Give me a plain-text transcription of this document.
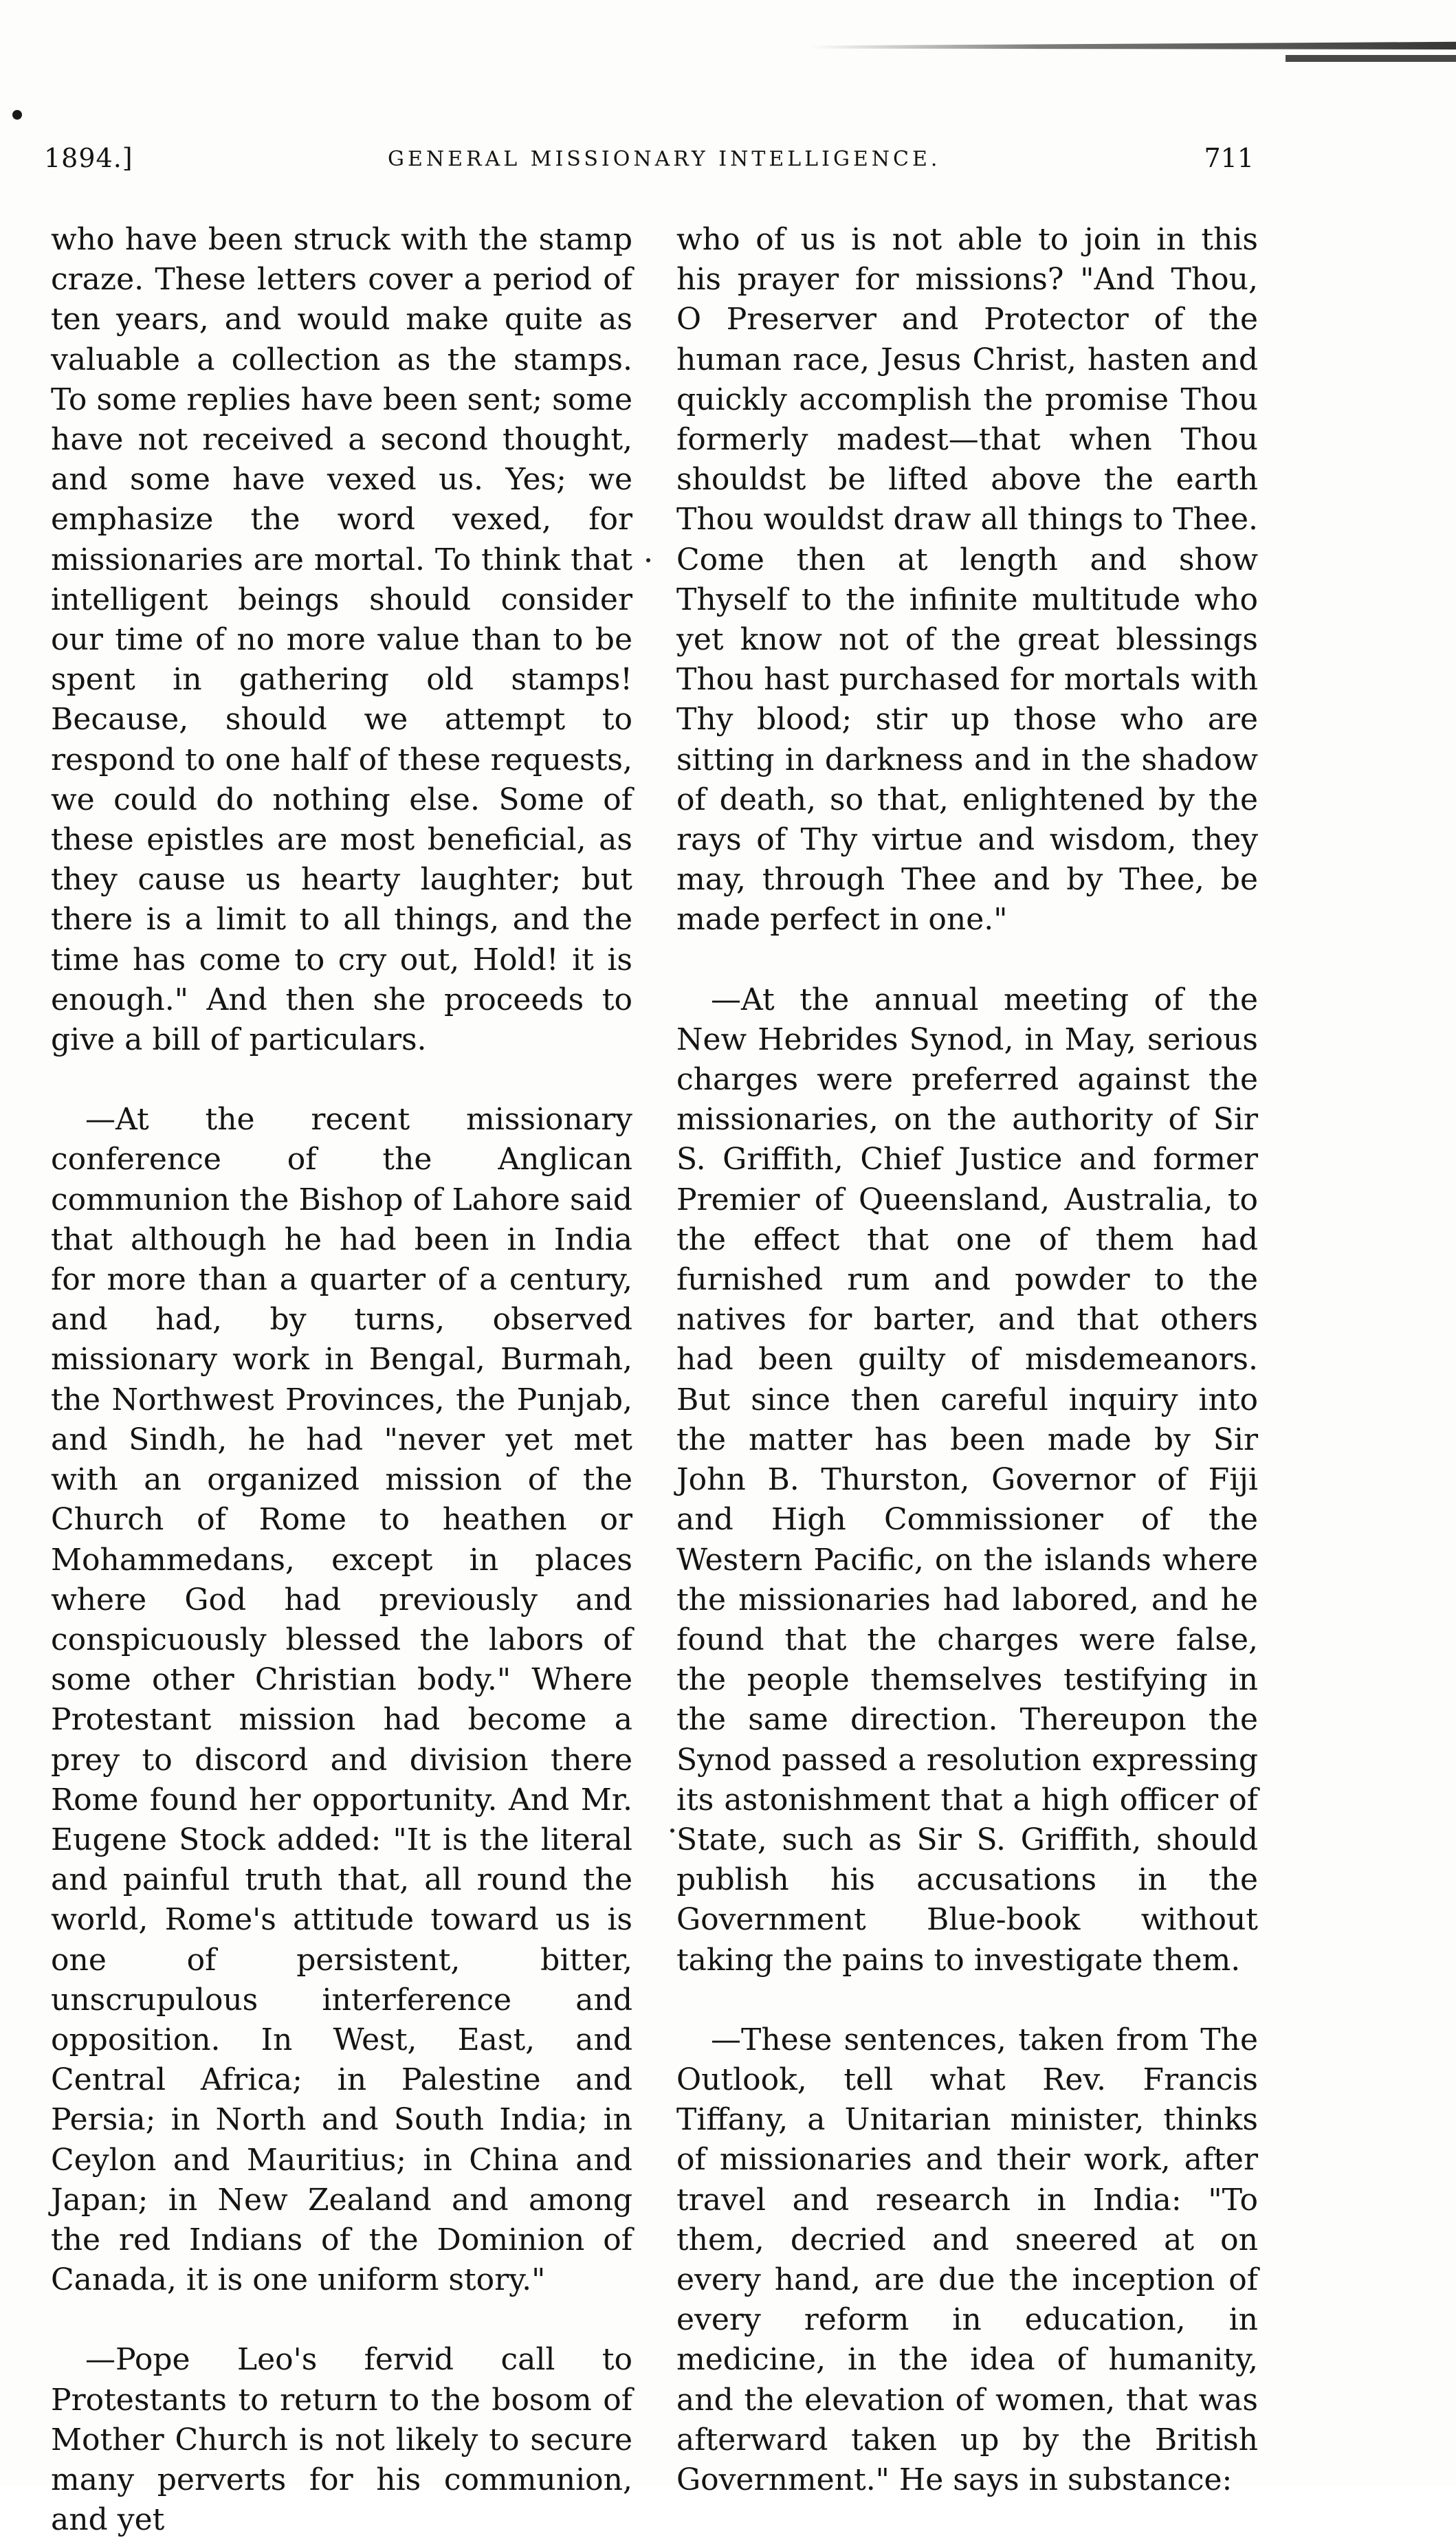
1894.]	GENERAL MISSIONARY INTELLIGENCE.	711

who have been struck with the stamp craze. These letters cover a period of ten years, and would make quite as valuable a collection as the stamps. To some replies have been sent; some have not received a second thought, and some have vexed us. Yes; we emphasize the word vexed, for missionaries are mortal. To think that intelligent beings should consider our time of no more value than to be spent in gathering old stamps! Because, should we attempt to respond to one half of these requests, we could do nothing else. Some of these epistles are most beneficial, as they cause us hearty laughter; but there is a limit to all things, and the time has come to cry out, Hold! it is enough." And then she proceeds to give a bill of particulars.

—At the recent missionary conference of the Anglican communion the Bishop of Lahore said that although he had been in India for more than a quarter of a century, and had, by turns, observed missionary work in Bengal, Burmah, the Northwest Provinces, the Punjab, and Sindh, he had "never yet met with an organized mission of the Church of Rome to heathen or Mohammedans, except in places where God had previously and conspicuously blessed the labors of some other Christian body." Where Protestant mission had become a prey to discord and division there Rome found her opportunity. And Mr. Eugene Stock added: "It is the literal and painful truth that, all round the world, Rome's attitude toward us is one of persistent, bitter, unscrupulous interference and opposition. In West, East, and Central Africa; in Palestine and Persia; in North and South India; in Ceylon and Mauritius; in China and Japan; in New Zealand and among the red Indians of the Dominion of Canada, it is one uniform story."

—Pope Leo's fervid call to Protestants to return to the bosom of Mother Church is not likely to secure many perverts for his communion, and yet

who of us is not able to join in this his prayer for missions? "And Thou, O Preserver and Protector of the human race, Jesus Christ, hasten and quickly accomplish the promise Thou formerly madest—that when Thou shouldst be lifted above the earth Thou wouldst draw all things to Thee. Come then at length and show Thyself to the infinite multitude who yet know not of the great blessings Thou hast purchased for mortals with Thy blood; stir up those who are sitting in darkness and in the shadow of death, so that, enlightened by the rays of Thy virtue and wisdom, they may, through Thee and by Thee, be made perfect in one."

—At the annual meeting of the New Hebrides Synod, in May, serious charges were preferred against the missionaries, on the authority of Sir S. Griffith, Chief Justice and former Premier of Queensland, Australia, to the effect that one of them had furnished rum and powder to the natives for barter, and that others had been guilty of misdemeanors. But since then careful inquiry into the matter has been made by Sir John B. Thurston, Governor of Fiji and High Commissioner of the Western Pacific, on the islands where the missionaries had labored, and he found that the charges were false, the people themselves testifying in the same direction. Thereupon the Synod passed a resolution expressing its astonishment that a high officer of State, such as Sir S. Griffith, should publish his accusations in the Government Blue-book without taking the pains to investigate them.

—These sentences, taken from The Outlook, tell what Rev. Francis Tiffany, a Unitarian minister, thinks of missionaries and their work, after travel and research in India: "To them, decried and sneered at on every hand, are due the inception of every reform in education, in medicine, in the idea of humanity, and the elevation of women, that was afterward taken up by the British Government." He says in substance:
